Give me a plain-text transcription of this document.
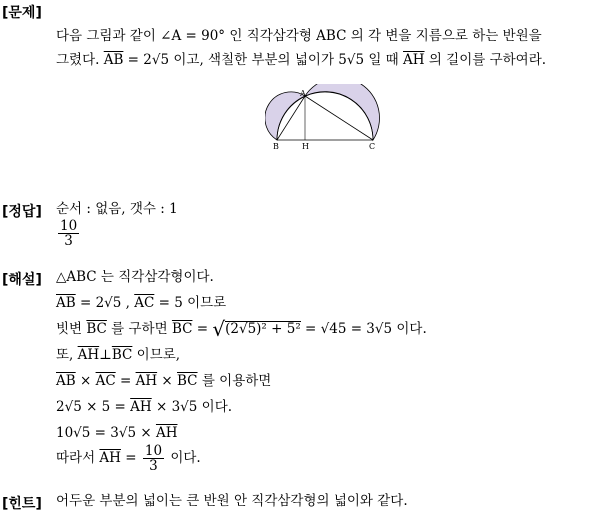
[문제]
다음 그림과 같이 ∠A = 90° 인 직각삼각형 ABC 의 각 변을 지름으로 하는 반원을
그렸다. $\overline{AB} = 2√5$ 이고, 색칠한 부분의 넓이가 5√5 일 때 $\overline{AH}$ 의 길이를 구하여라.
A
B	H	C
[정답] 순서 : 없음, 갯수 : 1
$\frac{10}{3}$
[해설] △ABC 는 직각삼각형이다.
$\overline{AB} = 2√5$ , $\overline{AC} = 5$ 이므로
빗변 $\overline{BC}$ 를 구하면 $\overline{BC} = √(2√5)^2 + 5^2 = √45 = 3√5$ 이다.
또, $\overline{AH}\perp\overline{BC}$ 이므로,
$\overline{AB} \times \overline{AC} = \overline{AH} \times \overline{BC}$ 를 이용하면
$2√5 \times 5 = \overline{AH} \times 3√5$ 이다.
$10√5 = 3√5 \times \overline{AH}$
따라서 $\overline{AH} = \frac{10}{3}$ 이다.
[힌트] 어두운 부분의 넓이는 큰 반원 안 직각삼각형의 넓이와 같다.
